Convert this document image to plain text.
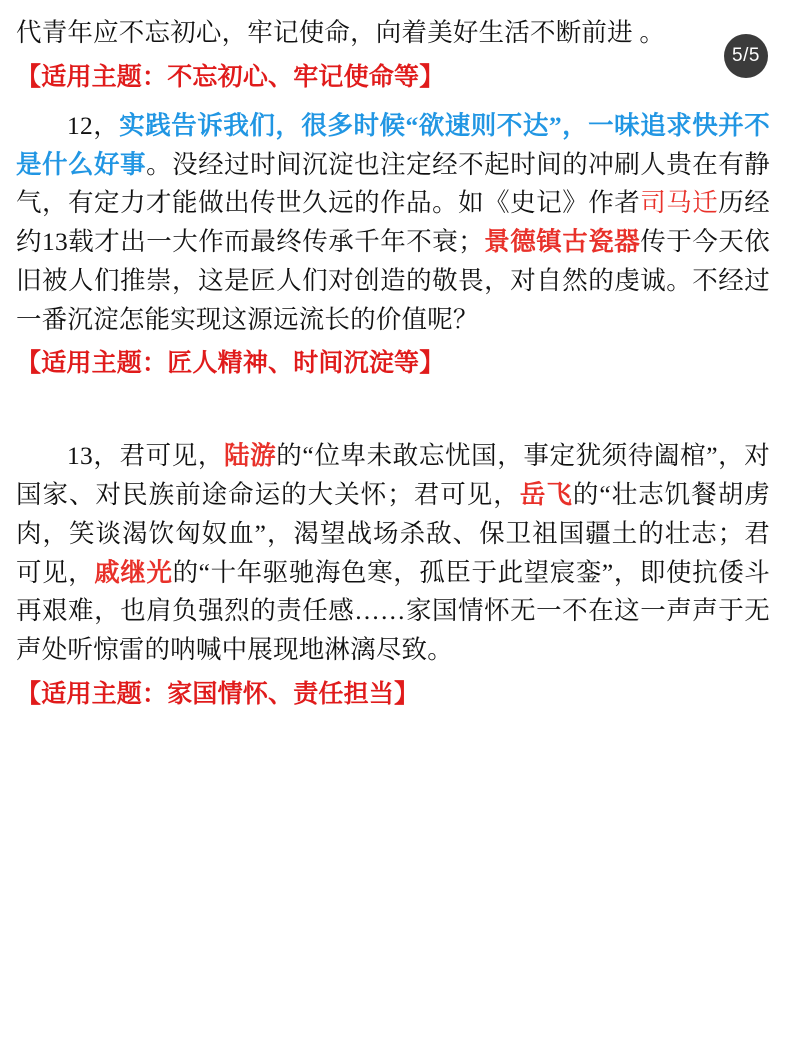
5/5

代青年应不忘初心，牢记使命，向着美好生活不断前进 。

【适用主题：不忘初心、牢记使命等】

12，实践告诉我们，很多时候“欲速则不达”，一味追求快并不是什么好事。没经过时间沉淀也注定经不起时间的冲刷人贵在有静气，有定力才能做出传世久远的作品。如《史记》作者司马迁历经约13载才出一大作而最终传承千年不衰；景德镇古瓷器传于今天依旧被人们推崇，这是匠人们对创造的敬畏，对自然的虔诚。不经过一番沉淀怎能实现这源远流长的价值呢？

【适用主题：匠人精神、时间沉淀等】

13，君可见，陆游的“位卑未敢忘忧国，事定犹须待阖棺”，对国家、对民族前途命运的大关怀；君可见，岳飞的“壮志饥餐胡虏肉，笑谈渴饮匈奴血”，渴望战场杀敌、保卫祖国疆土的壮志；君可见，戚继光的“十年驱驰海色寒，孤臣于此望宸銮”，即使抗倭斗再艰难，也肩负强烈的责任感……家国情怀无一不在这一声声于无声处听惊雷的呐喊中展现地淋漓尽致。

【适用主题：家国情怀、责任担当】
